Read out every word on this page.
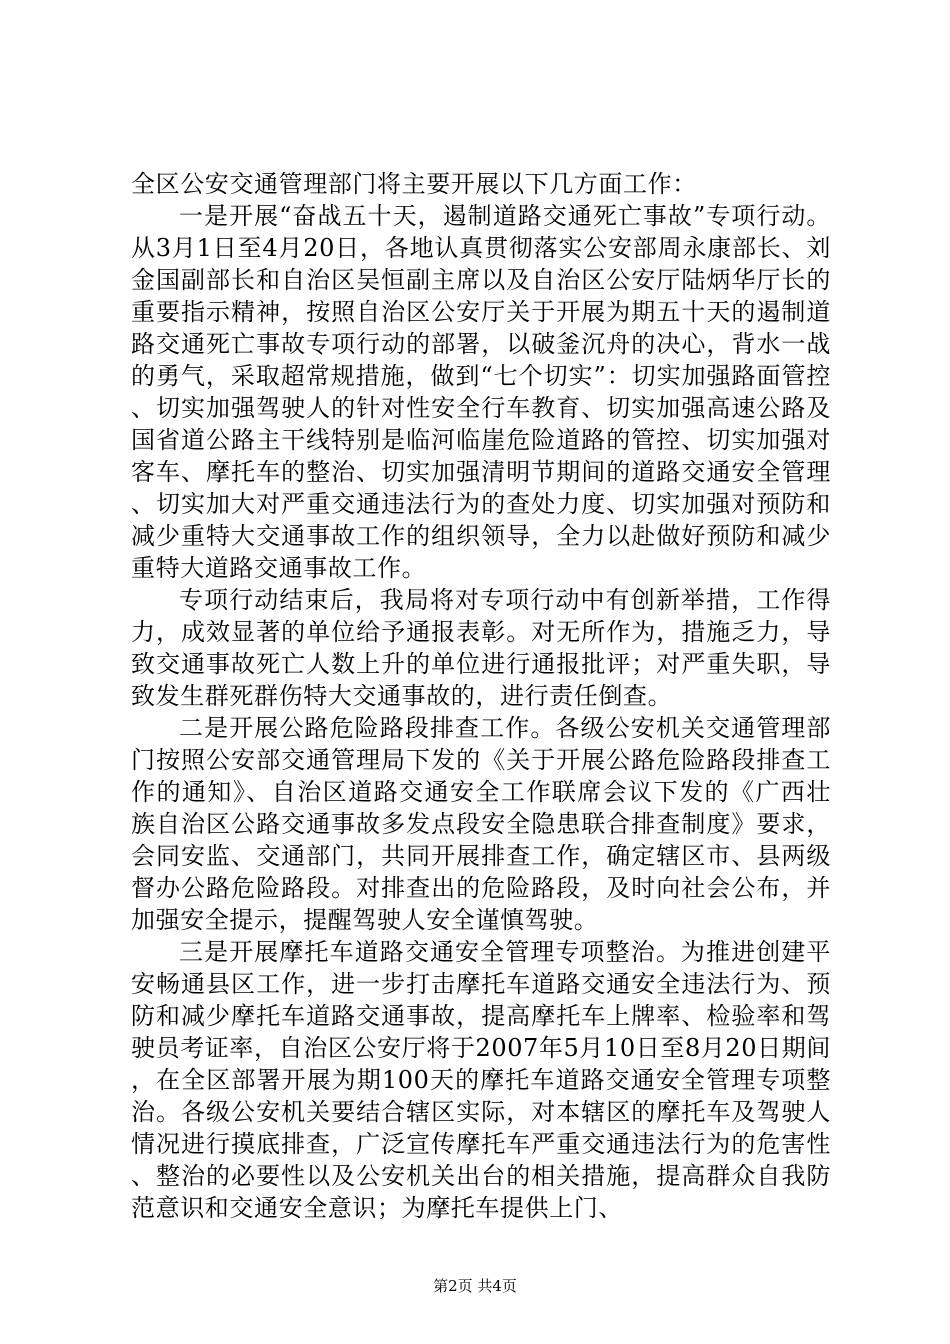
全区公安交通管理部门将主要开展以下几方面工作：

一是开展“奋战五十天，遏制道路交通死亡事故”专项行动。从3月1日至4月20日，各地认真贯彻落实公安部周永康部长、刘金国副部长和自治区吴恒副主席以及自治区公安厅陆炳华厅长的重要指示精神，按照自治区公安厅关于开展为期五十天的遏制道路交通死亡事故专项行动的部署，以破釜沉舟的决心，背水一战的勇气，采取超常规措施，做到“七个切实”：切实加强路面管控、切实加强驾驶人的针对性安全行车教育、切实加强高速公路及国省道公路主干线特别是临河临崖危险道路的管控、切实加强对客车、摩托车的整治、切实加强清明节期间的道路交通安全管理、切实加大对严重交通违法行为的查处力度、切实加强对预防和减少重特大交通事故工作的组织领导，全力以赴做好预防和减少重特大道路交通事故工作。

专项行动结束后，我局将对专项行动中有创新举措，工作得力，成效显著的单位给予通报表彰。对无所作为，措施乏力，导致交通事故死亡人数上升的单位进行通报批评；对严重失职，导致发生群死群伤特大交通事故的，进行责任倒查。

二是开展公路危险路段排查工作。各级公安机关交通管理部门按照公安部交通管理局下发的《关于开展公路危险路段排查工作的通知》、自治区道路交通安全工作联席会议下发的《广西壮族自治区公路交通事故多发点段安全隐患联合排查制度》要求，会同安监、交通部门，共同开展排查工作，确定辖区市、县两级督办公路危险路段。对排查出的危险路段，及时向社会公布，并加强安全提示，提醒驾驶人安全谨慎驾驶。

三是开展摩托车道路交通安全管理专项整治。为推进创建平安畅通县区工作，进一步打击摩托车道路交通安全违法行为、预防和减少摩托车道路交通事故，提高摩托车上牌率、检验率和驾驶员考证率，自治区公安厅将于2007年5月10日至8月20日期间，在全区部署开展为期100天的摩托车道路交通安全管理专项整治。各级公安机关要结合辖区实际，对本辖区的摩托车及驾驶人情况进行摸底排查，广泛宣传摩托车严重交通违法行为的危害性、整治的必要性以及公安机关出台的相关措施，提高群众自我防范意识和交通安全意识；为摩托车提供上门、

第2页 共4页
